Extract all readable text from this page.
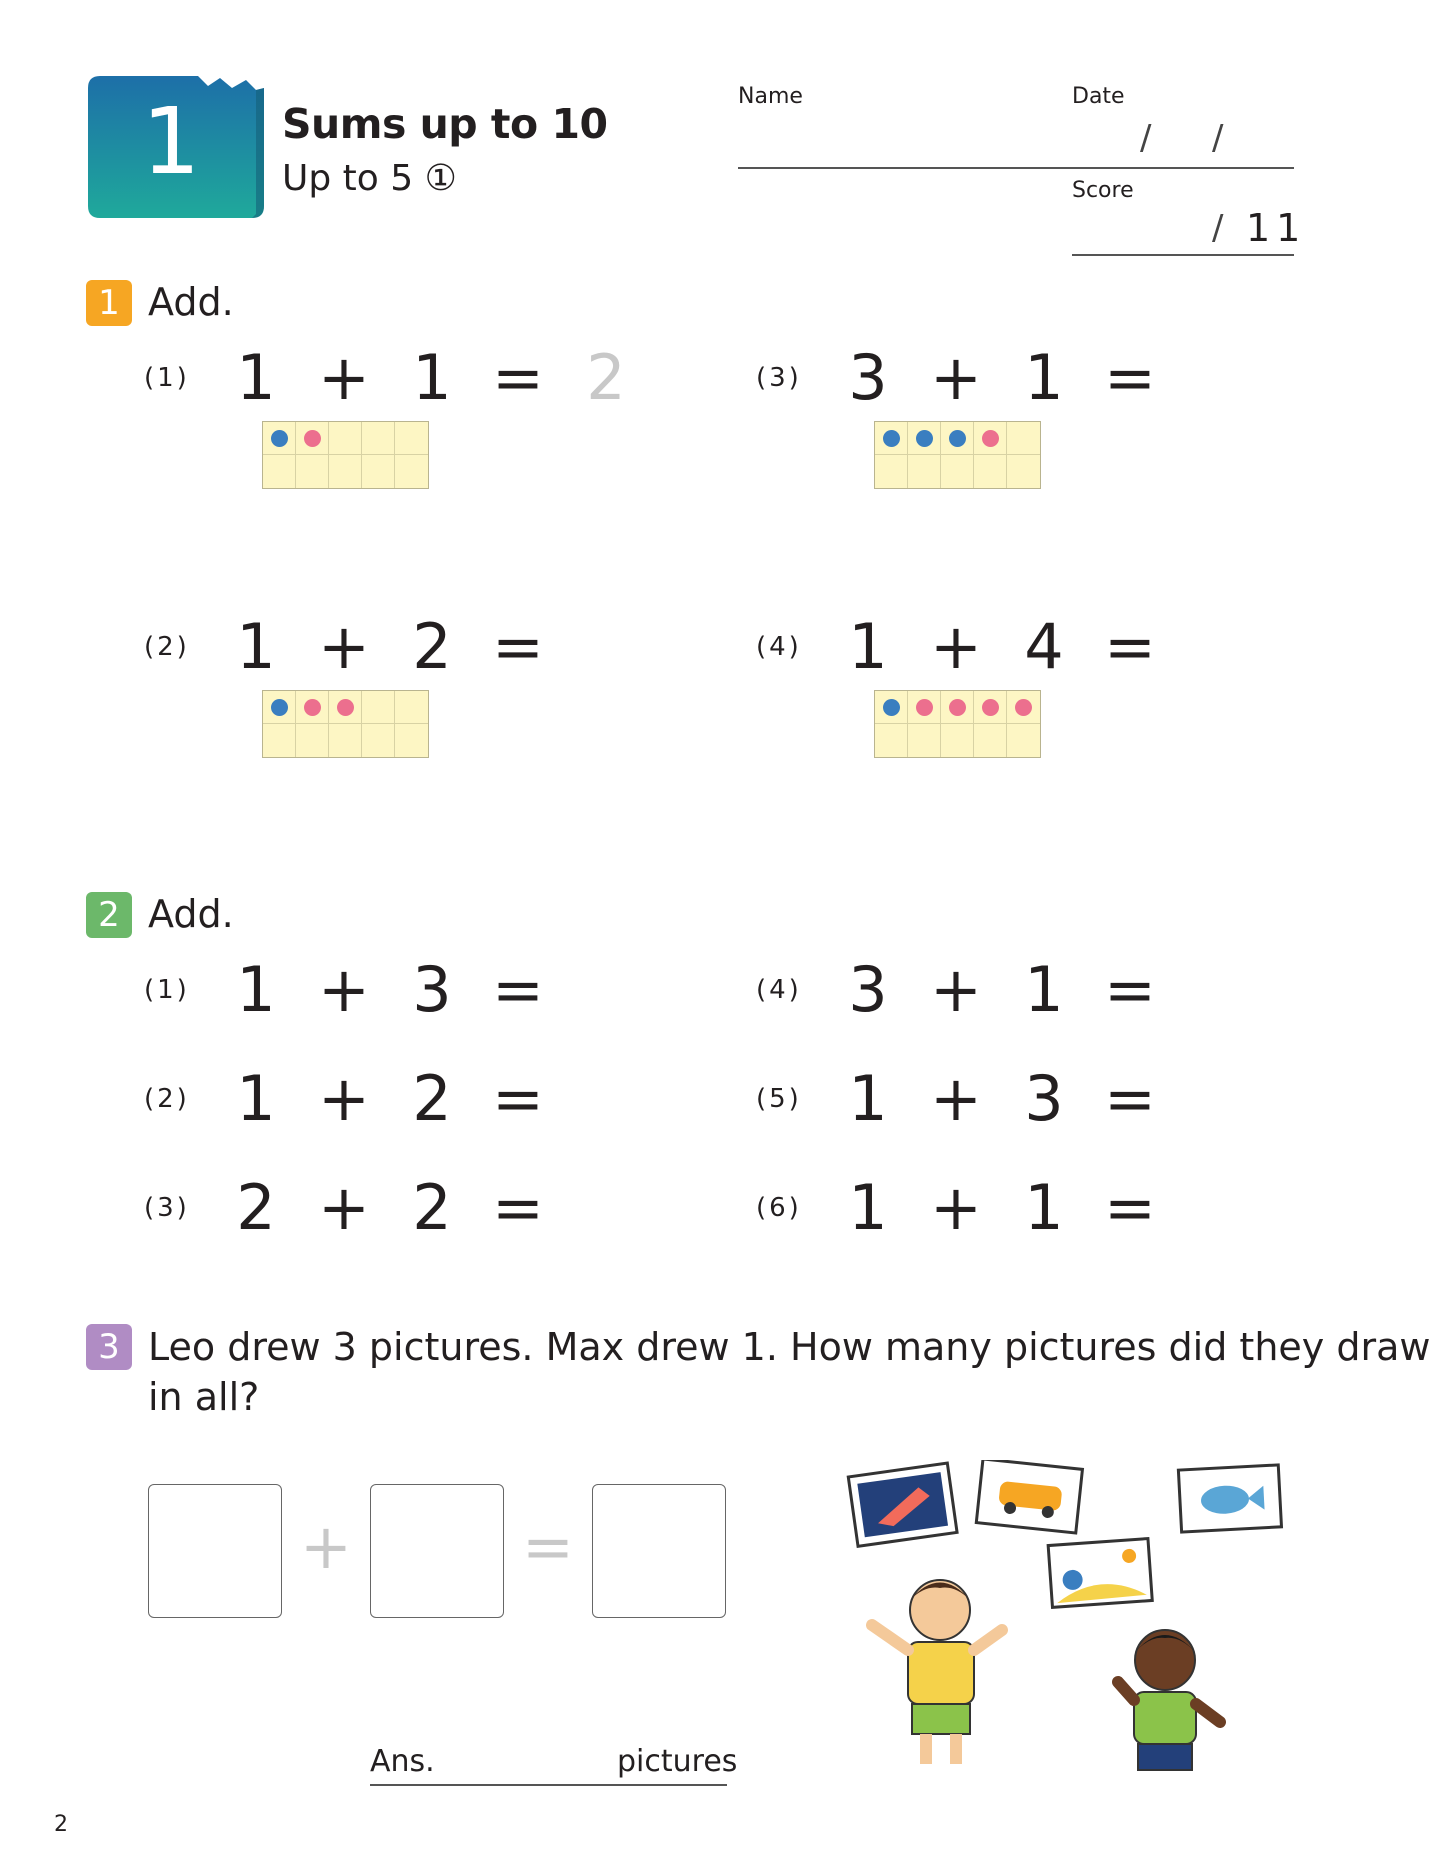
1	Sums up to 10
Up to 5 ①
Name	Date
/ /
Score
/ 11
1 Add.
(1) 1 + 1 = 2
(2) 1 + 2 =
(3) 3 + 1 =
(4) 1 + 4 =
2 Add.
(1) 1 + 3 =
(2) 1 + 2 =
(3) 2 + 2 =
(4) 3 + 1 =
(5) 1 + 3 =
(6) 1 + 1 =
3 Leo drew 3 pictures. Max drew 1. How many pictures did they draw
in all?
+	=
Ans.	pictures
2
